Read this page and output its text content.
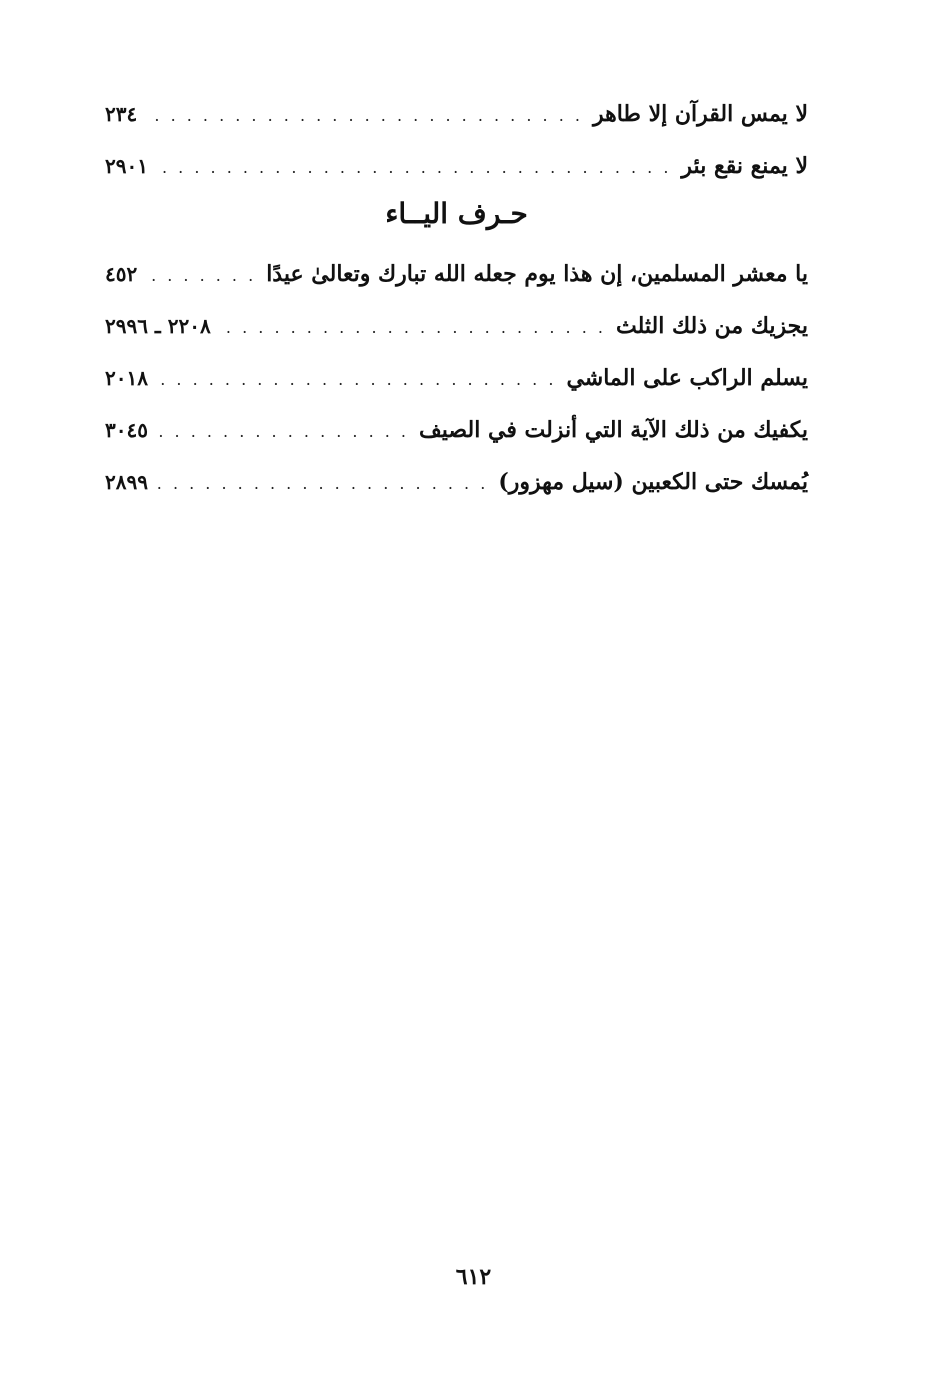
لا يمس القرآن إلا طاهر
. . .
٢٣٤
لا يمنع نقع بئر
. . .
٢٩٠١
حـرف اليــاء
يا معشر المسلمين، إن هذا يوم جعله الله تبارك وتعالىٰ عيدًا
. . .
٤٥٢
يجزيك من ذلك الثلث
. . .
٢٢٠٨ ـ ٢٩٩٦
يسلم الراكب على الماشي
. . .
٢٠١٨
يكفيك من ذلك الآية التي أنزلت في الصيف
. . .
٣٠٤٥
يُمسك حتى الكعبين (سيل مهزور)
. . .
٢٨٩٩
٦١٢
